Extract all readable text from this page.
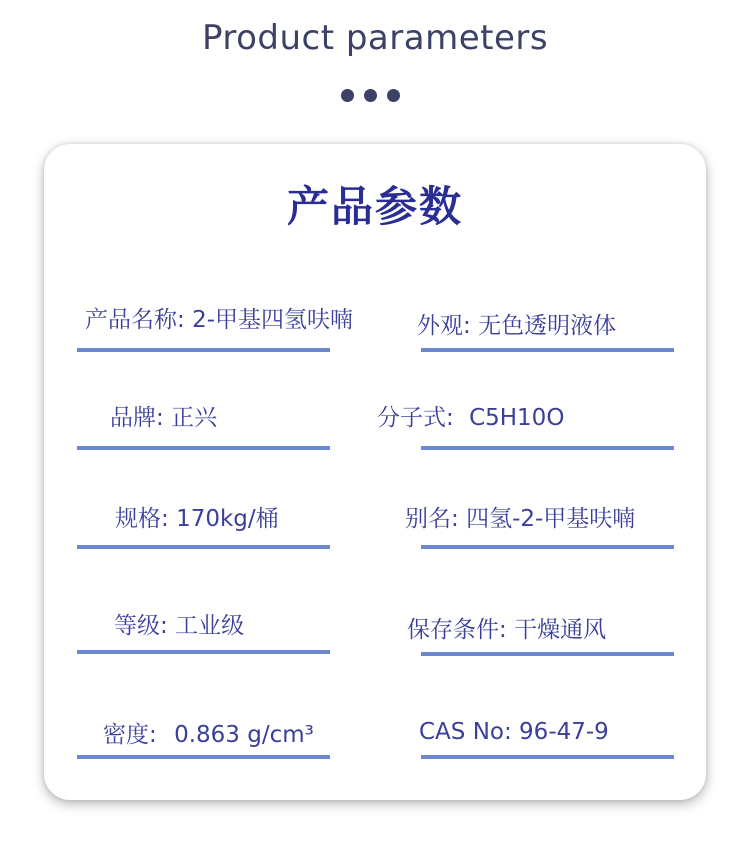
Product parameters
产品参数
产品名称: 2-甲基四氢呋喃	外观: 无色透明液体
品牌: 正兴	分子式: C5H10O
规格: 170kg/桶	别名: 四氢-2-甲基呋喃
等级: 工业级	保存条件: 干燥通风
密度: 0.863 g/cm³	CAS No: 96-47-9
